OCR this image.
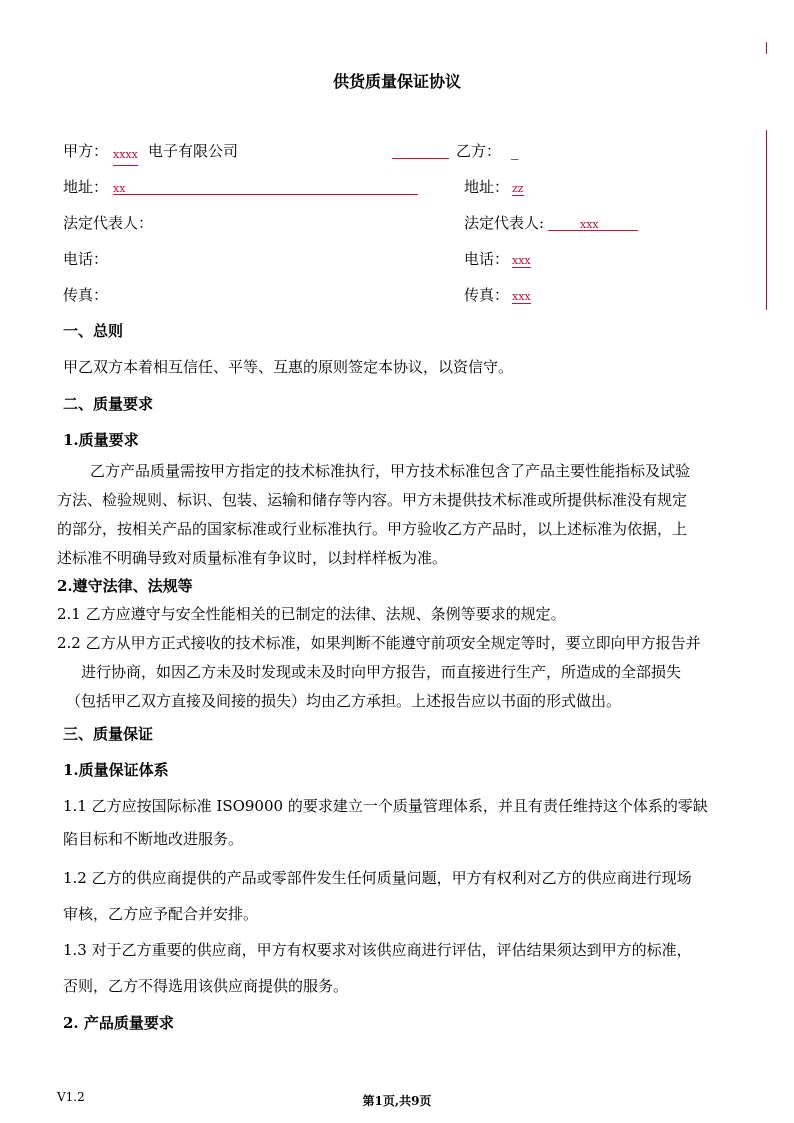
供货质量保证协议
甲方： xxxx 电子有限公司	乙方： _
地址： xx	地址： zz
法定代表人：	法定代表人:	xxx
电话：	电话： xxx
传真：	传真： xxx
一、总则
甲乙双方本着相互信任、平等、互惠的原则签定本协议，以资信守。
二、质量要求
1.质量要求
乙方产品质量需按甲方指定的技术标准执行，甲方技术标准包含了产品主要性能指标及试验
方法、检验规则、标识、包装、运输和储存等内容。甲方未提供技术标准或所提供标准没有规定
的部分，按相关产品的国家标准或行业标准执行。甲方验收乙方产品时，以上述标准为依据，上
述标准不明确导致对质量标准有争议时，以封样样板为准。
2.遵守法律、法规等
2.1 乙方应遵守与安全性能相关的已制定的法律、法规、条例等要求的规定。
2.2 乙方从甲方正式接收的技术标准，如果判断不能遵守前项安全规定等时，要立即向甲方报告并
进行协商，如因乙方未及时发现或未及时向甲方报告，而直接进行生产，所造成的全部损失
（包括甲乙双方直接及间接的损失）均由乙方承担。上述报告应以书面的形式做出。
三、质量保证
1.质量保证体系
1.1 乙方应按国际标准 ISO9000 的要求建立一个质量管理体系，并且有责任维持这个体系的零缺
陷目标和不断地改进服务。
1.2 乙方的供应商提供的产品或零部件发生任何质量问题，甲方有权利对乙方的供应商进行现场
审核，乙方应予配合并安排。
1.3 对于乙方重要的供应商，甲方有权要求对该供应商进行评估，评估结果须达到甲方的标准，
否则，乙方不得选用该供应商提供的服务。
2. 产品质量要求
V1.2	第1页,共9页
